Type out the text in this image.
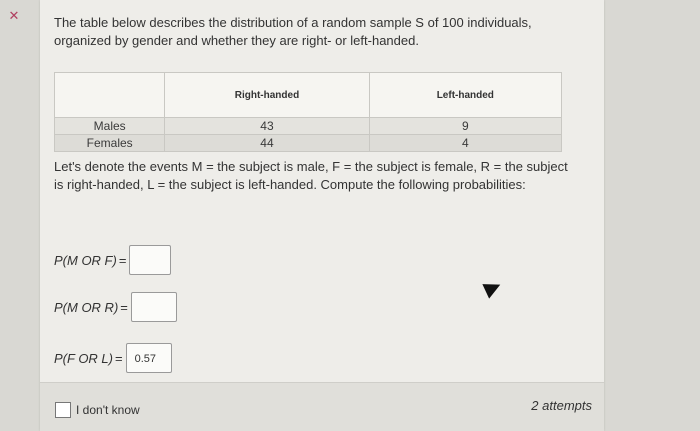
✕	The table below describes the distribution of a random sample S of 100 individuals, organized by gender and whether they are right- or left-handed.
	Right-handed	Left-handed
Males	43	9
Females	44	4
Let's denote the events M = the subject is male, F = the subject is female, R = the subject is right-handed, L = the subject is left-handed. Compute the following probabilities:
P(M OR F) =
P(M OR R) =
P(F OR L) =	0.57
I don't know	2 attempts
